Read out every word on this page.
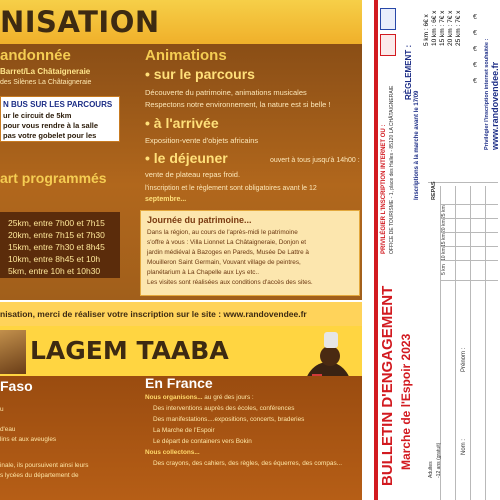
NISATION
andonnée
Barret/La Châtaigneraie
des Silènes La Châtaigneraie
N BUS SUR LES PARCOURS
ur le circuit de 5km
pour vous rendre à la salle
pas votre gobelet pour les
art programmés
25km, entre 7h00 et 7h15
20km, entre 7h15 et 7h30
15km, entre 7h30 et 8h45
10km, entre 8h45 et 10h
5km, entre 10h et 10h30
Animations
• sur le parcours
Découverte du patrimoine, animations musicales
Respectons notre environnement, la nature est si belle !
• à l'arrivée
Exposition-vente d'objets africains
• le déjeuner	ouvert à tous jusqu'à 14h00 :
vente de plateau repas froid.
l'inscription et le règlement sont obligatoires avant le 12
septembre...
Journée du patrimoine...
Dans la région, au cours de l'après-midi le patrimoine
s'offre à vous : Villa Lionnet La Châtaigneraie, Donjon et
jardin médiéval à Bazoges en Pareds, Musée De Lattre à
Mouilleron Saint Germain, Vouvant village de peintres,
planétarium à La Chapelle aux Lys etc..
Les visites sont réalisées aux conditions d'accès des sites.
nisation, merci de réaliser votre inscription sur le site : www.randovendee.fr
LAGEM TAABA
Faso
u
d'eau
lins et aux aveugles
inale, ils poursuivent ainsi leurs
s lycées du département de
En France
Nous organisons... au gré des jours :
Des interventions auprès des écoles, conférences
Des manifestations....expositions, concerts, braderies
La Marche de l'Espoir
Le départ de containers vers Bokin
Nous collectons...
Des crayons, des cahiers, des règles, des équerres, des compas... BULLETIN D'ENGAGEMENT Marche de l'Espoir 2023
PRIVILÉGIER L'INSCRIPTION INTERNET OU : OFFICE DE TOURISME - 1, place des Halles - 85120 LA CHÂTAIGNERAIE
RÈGLEMENT :
Inscriptions à la marche avant le 17/09
5 km : 6€ x 10 km : 6€ x 15 km : 7€ x 20 km : 7€ x 25 km : 7€ x €
€
€
€
€ Privilégier l'inscription internet souhaitée : www.randovendee.fr
REPAS
25 km
20 km
15 km
10 km
5 km
Prénom :
Nom :
Adultes -12 ans (gratuit)
